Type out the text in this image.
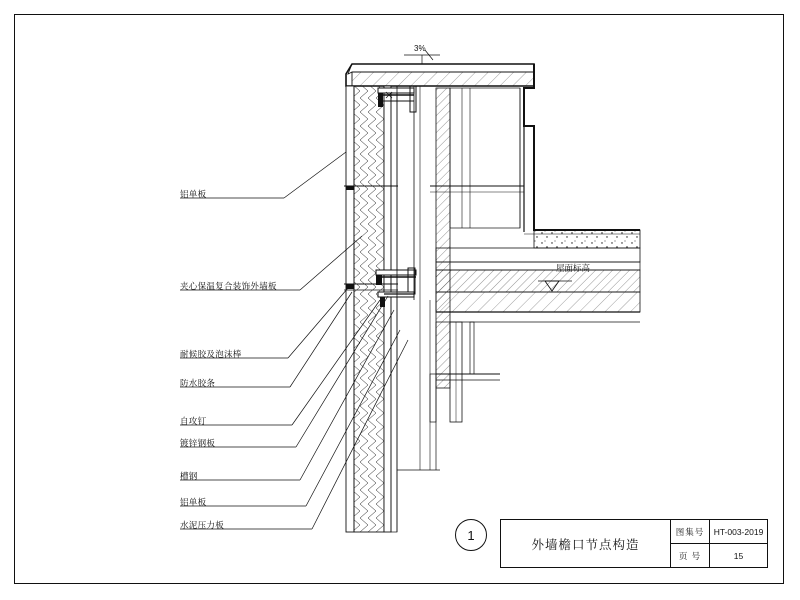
3%
屋面标高
铝单板
夹心保温复合装饰外墙板
耐候胶及泡沫棒
防水胶条
自攻钉
镀锌钢板
槽钢
铝单板
水泥压力板
1
外墙檐口节点构造
图集号	HT-003-2019
页 号	15
